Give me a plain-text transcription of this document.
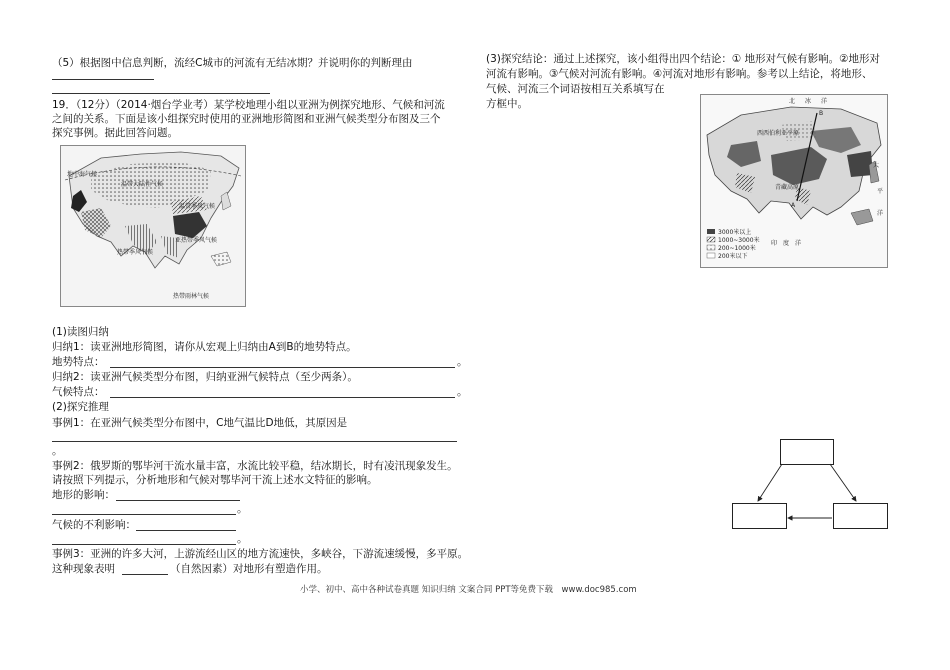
（5）根据图中信息判断，流经C城市的河流有无结冰期？并说明你的判断理由
19．（12分）（2014·烟台学业考）某学校地理小组以亚洲为例探究地形、气候和河流
之间的关系。下面是该小组探究时使用的亚洲地形简图和亚洲气候类型分布图及三个
探究事例。据此回答问题。
地中海气候
温带大陆性气候
亚热带季风气候
温带季风气候
热带季风气候
热带雨林气候
(1)读图归纳
归纳1：读亚洲地形简图，请你从宏观上归纳由A到B的地势特点。
地势特点：	。
归纳2：读亚洲气候类型分布图，归纳亚洲气候特点（至少两条）。
气候特点：	。
(2)探究推理
事例1：在亚洲气候类型分布图中，C地气温比D地低，其原因是
。
事例2：俄罗斯的鄂毕河干流水量丰富，水流比较平稳，结冰期长，时有凌汛现象发生。
请按照下列提示，分析地形和气候对鄂毕河干流上述水文特征的影响。
地形的影响：
。
气候的不利影响：
。
事例3：亚洲的许多大河，上游流经山区的地方流速快，多峡谷，下游流速缓慢，多平原。
这种现象表明	（自然因素）对地形有塑造作用。
(3)探究结论：通过上述探究，该小组得出四个结论：① 地形对气候有影响。②地形对
河流有影响。③气候对河流有影响。④河流对地形有影响。参考以上结论，将地形、
气候、河流三个词语按相互关系填写在
方框中。	北 冰 洋
太
平
洋
印 度 洋
B
A
西西伯利亚平原
青藏高原
3000米以上
1000~3000米
200~1000米
200米以下
小学、初中、高中各种试卷真题 知识归纳 文案合同 PPT等免费下载　www.doc985.com
